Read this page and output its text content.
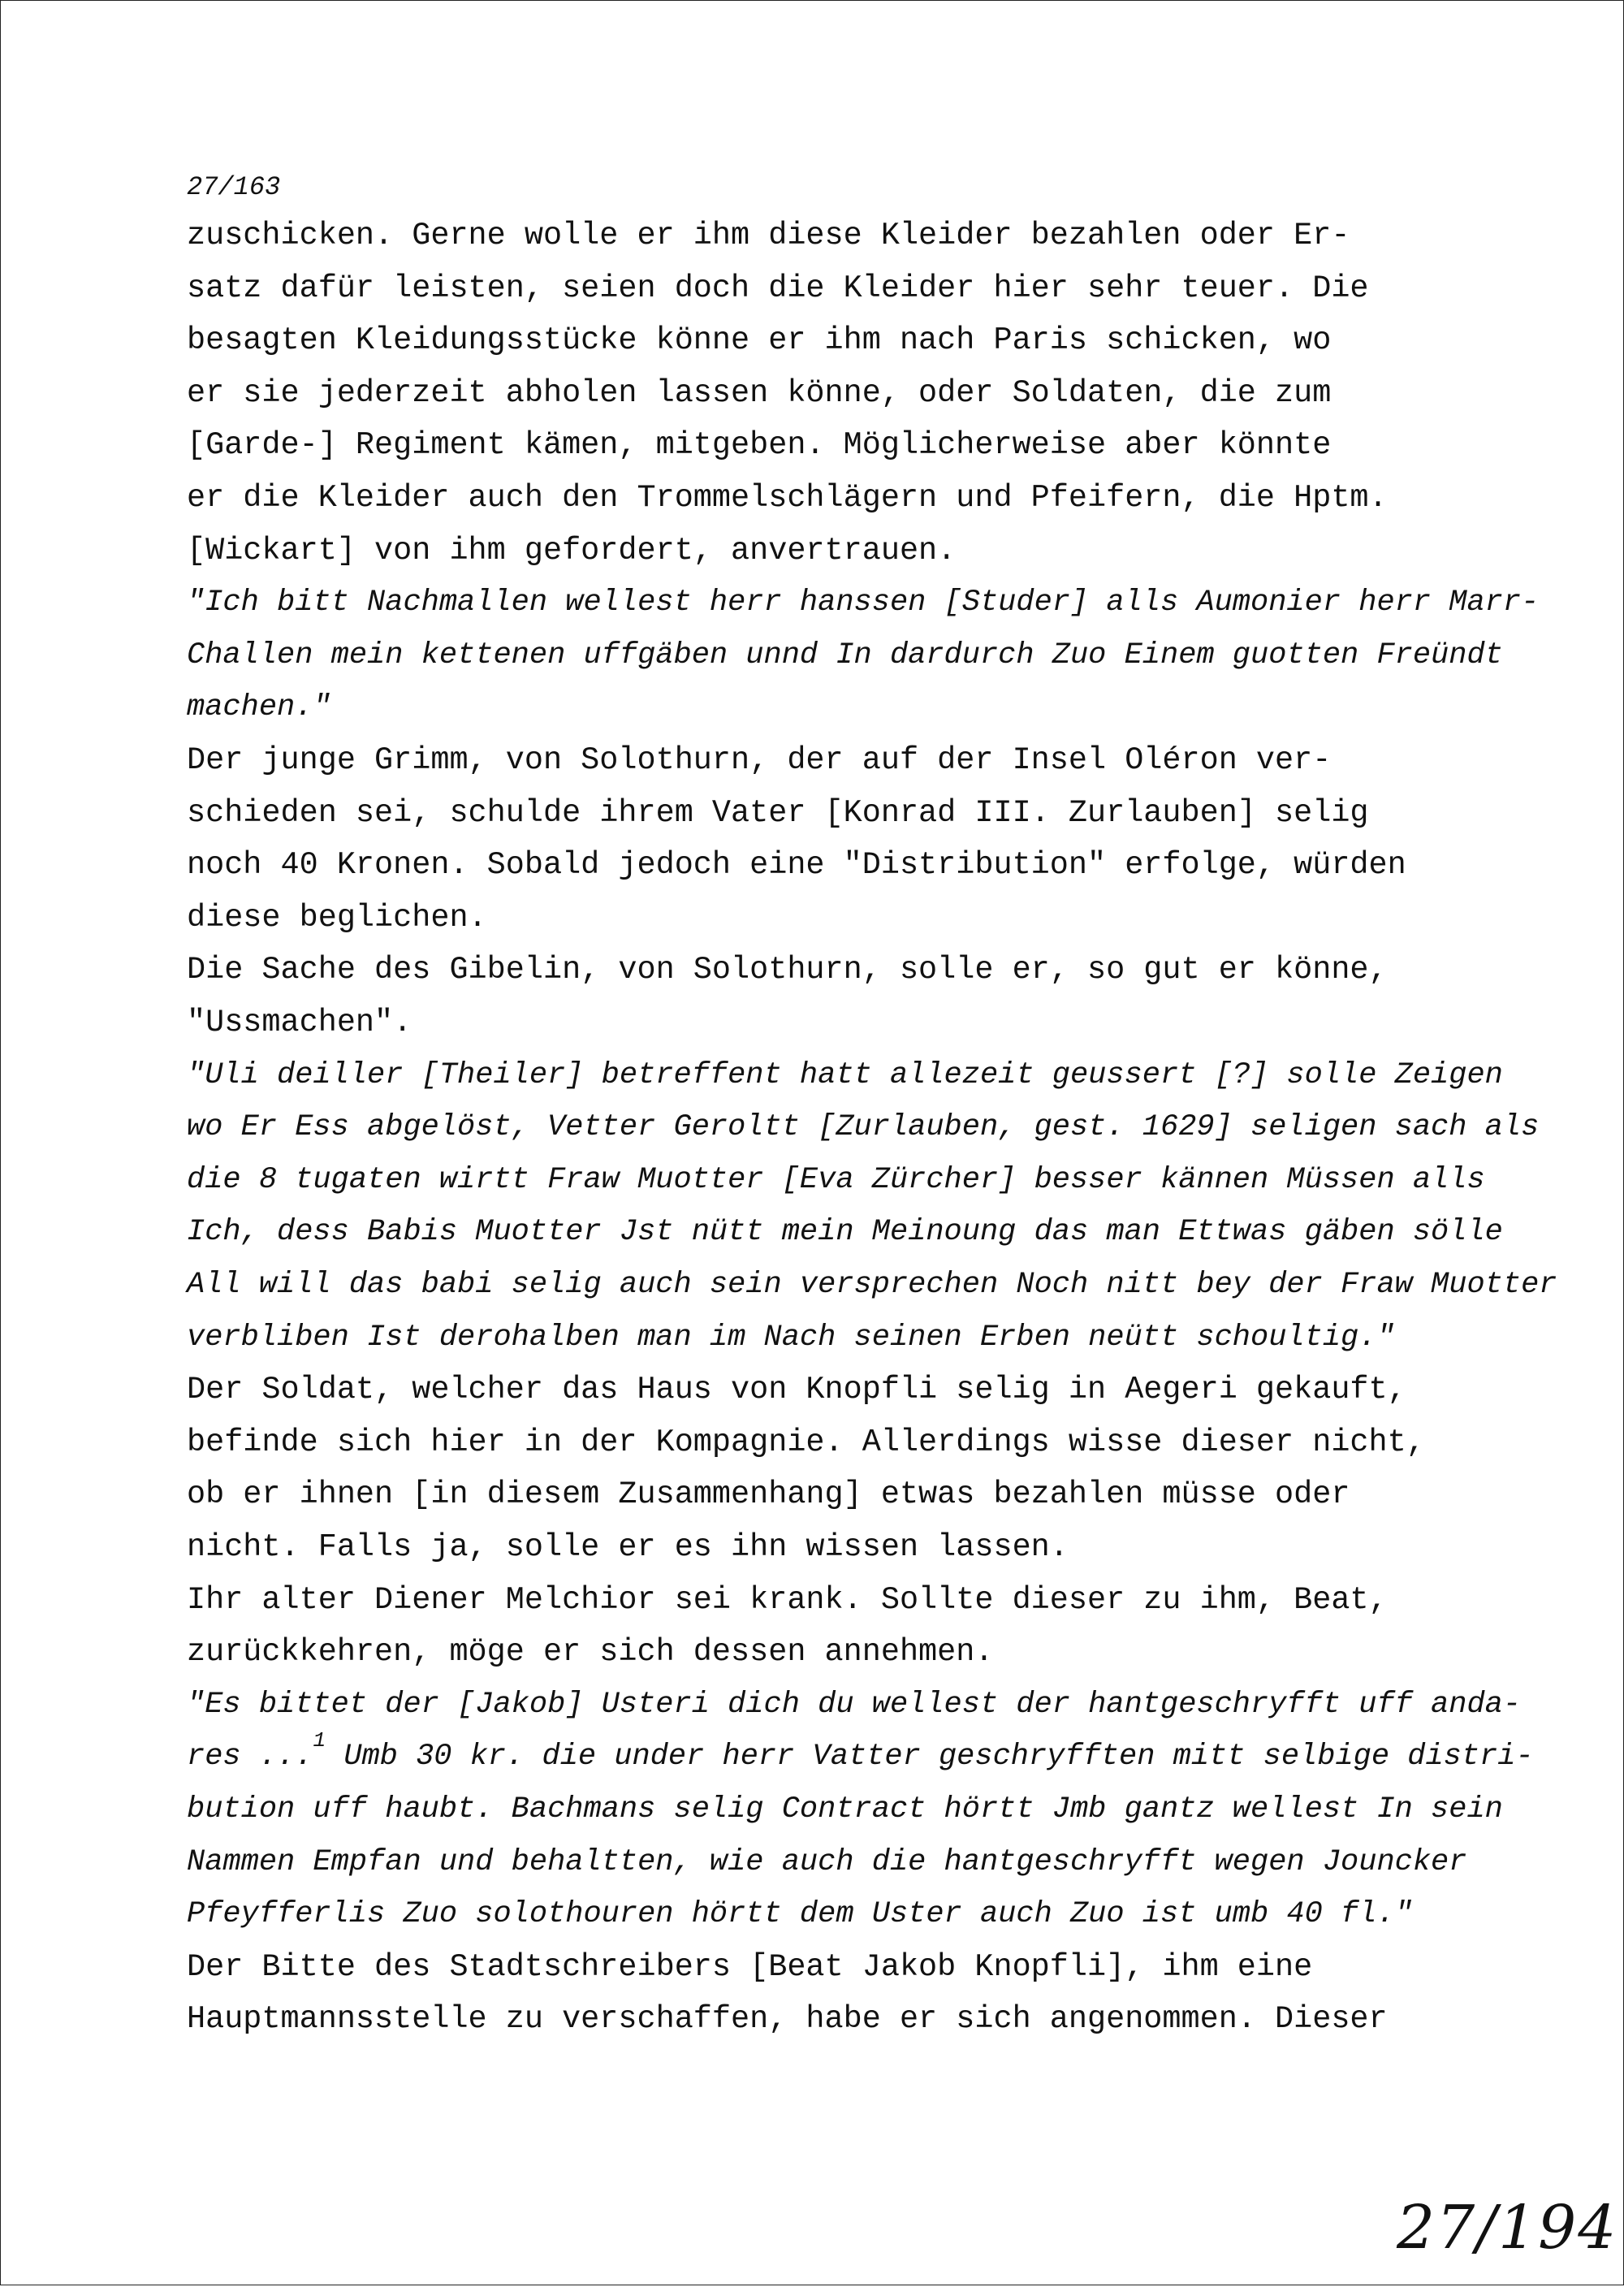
27/163
zuschicken. Gerne wolle er ihm diese Kleider bezahlen oder Er-
satz dafür leisten, seien doch die Kleider hier sehr teuer. Die
besagten Kleidungsstücke könne er ihm nach Paris schicken, wo
er sie jederzeit abholen lassen könne, oder Soldaten, die zum
[Garde-] Regiment kämen, mitgeben. Möglicherweise aber könnte
er die Kleider auch den Trommelschlägern und Pfeifern, die Hptm.
[Wickart] von ihm gefordert, anvertrauen.
"Ich bitt Nachmallen wellest herr hanssen [Studer] alls Aumonier herr Marr-
Challen mein kettenen uffgäben unnd In dardurch Zuo Einem guotten Freündt
machen."
Der junge Grimm, von Solothurn, der auf der Insel Oléron ver-
schieden sei, schulde ihrem Vater [Konrad III. Zurlauben] selig
noch 40 Kronen. Sobald jedoch eine "Distribution" erfolge, würden
diese beglichen.
Die Sache des Gibelin, von Solothurn, solle er, so gut er könne,
"Ussmachen".
"Uli deiller [Theiler] betreffent hatt allezeit geussert [?] solle Zeigen
wo Er Ess abgelöst, Vetter Geroltt [Zurlauben, gest. 1629] seligen sach als
die 8 tugaten wirtt Fraw Muotter [Eva Zürcher] besser kännen Müssen alls
Ich, dess Babis Muotter Jst nütt mein Meinoung das man Ettwas gäben sölle
All will das babi selig auch sein versprechen Noch nitt bey der Fraw Muotter
verbliben Ist derohalben man im Nach seinen Erben neütt schoultig."
Der Soldat, welcher das Haus von Knopfli selig in Aegeri gekauft,
befinde sich hier in der Kompagnie. Allerdings wisse dieser nicht,
ob er ihnen [in diesem Zusammenhang] etwas bezahlen müsse oder
nicht. Falls ja, solle er es ihn wissen lassen.
Ihr alter Diener Melchior sei krank. Sollte dieser zu ihm, Beat,
zurückkehren, möge er sich dessen annehmen.
"Es bittet der [Jakob] Usteri dich du wellest der hantgeschryfft uff andа-
res ...$^1$ Umb 30 kr. die under herr Vatter geschryfften mitt selbige distri-
bution uff haubt. Bachmans selig Contract hörtt Jmb gantz wellest In sein
Nammen Empfan und behaltten, wie auch die hantgeschryfft wegen Jouncker
Pfeyfferlis Zuo solothouren hörtt dem Uster auch Zuo ist umb 40 fl."
Der Bitte des Stadtschreibers [Beat Jakob Knopfli], ihm eine
Hauptmannsstelle zu verschaffen, habe er sich angenommen. Dieser
27/194
